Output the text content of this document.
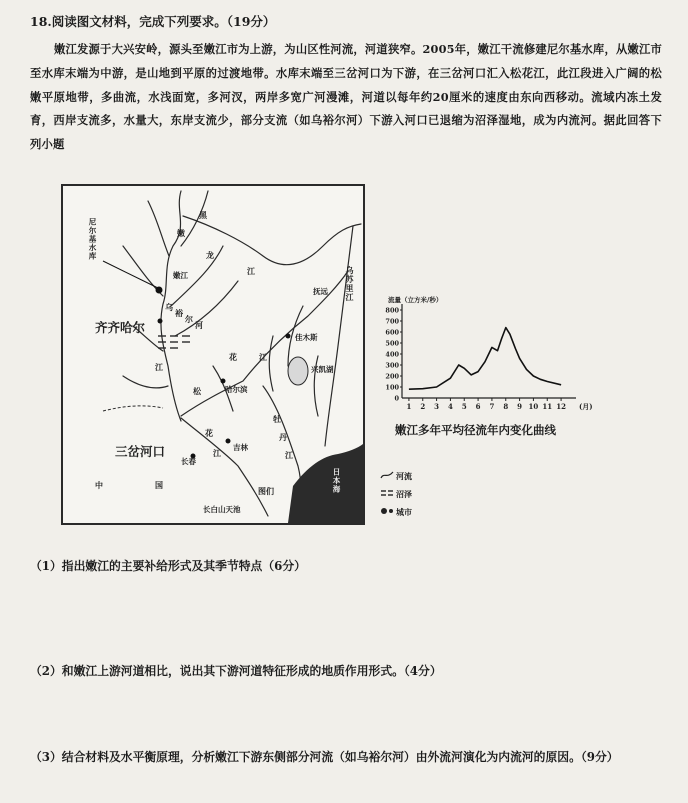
18.阅读图文材料，完成下列要求。（19分）
嫩江发源于大兴安岭，源头至嫩江市为上游，为山区性河流，河道狭窄。2005年，嫩江干流修建尼尔基水库，从嫩江市至水库末端为中游，是山地到平原的过渡地带。水库末端至三岔河口为下游，在三岔河口汇入松花江，此江段进入广阔的松嫩平原地带，多曲流，水浅面宽，多河汊，两岸多宽广河漫滩，河道以每年约20厘米的速度由东向西移动。流域内冻土发育，西岸支流多，水量大，东岸支流少，部分支流（如乌裕尔河）下游入河口已退缩为沼泽湿地，成为内流河。据此回答下列小题
尼尔基水库
嫩江
齐齐哈尔
三岔河口
哈尔滨
佳木斯
吉林
长春
黑
龙
江
嫩
江
松
花	江
花
江
乌苏里江
乌
裕
尔
河
中	国
兴凯湖
长白山天池
抚远
日本海
牡
丹
江
图们
流量（立方米/秒）
100
200
300
400
500
600
700
800
0
1 2 3 4 5 6 7 8 9 10 11 12 (月)
嫩江多年平均径流年内变化曲线
河流
沼泽
城市
（1）指出嫩江的主要补给形式及其季节特点（6分）
（2）和嫩江上游河道相比，说出其下游河道特征形成的地质作用形式。（4分）
（3）结合材料及水平衡原理，分析嫩江下游东侧部分河流（如乌裕尔河）由外流河演化为内流河的原因。（9分）
